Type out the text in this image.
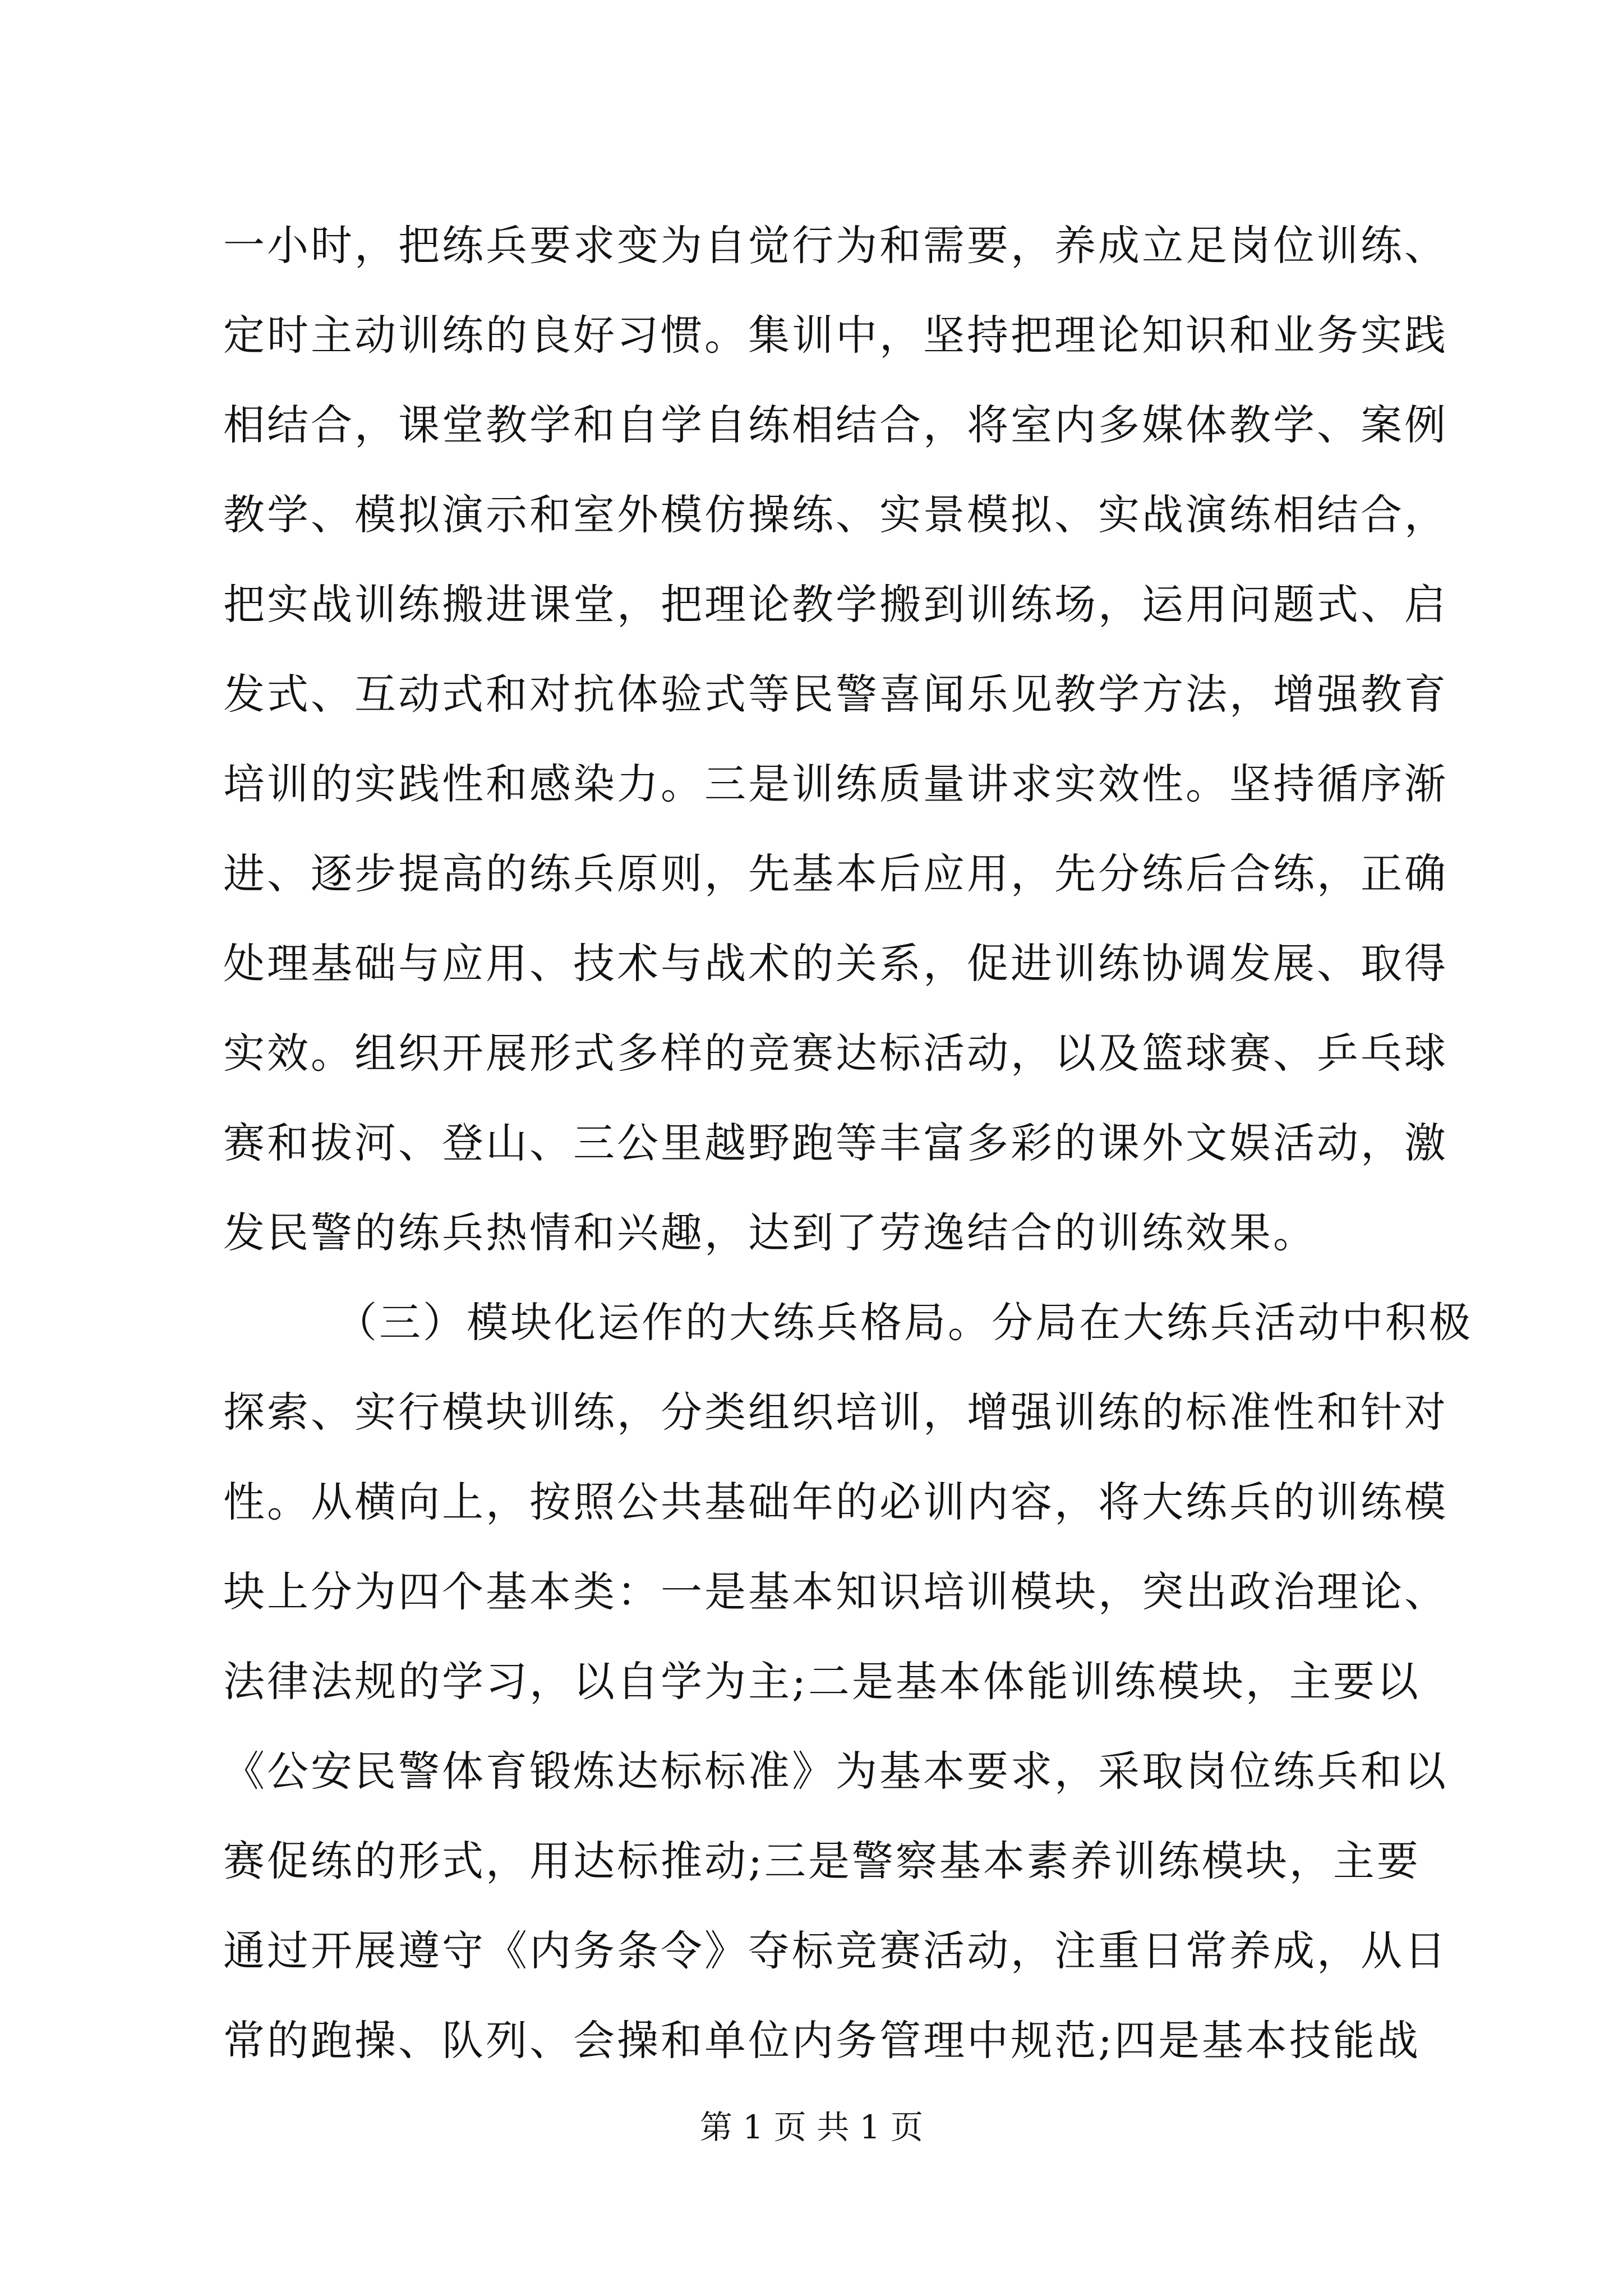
一小时，把练兵要求变为自觉行为和需要，养成立足岗位训练、
定时主动训练的良好习惯。集训中，坚持把理论知识和业务实践
相结合，课堂教学和自学自练相结合，将室内多媒体教学、案例
教学、模拟演示和室外模仿操练、实景模拟、实战演练相结合，
把实战训练搬进课堂，把理论教学搬到训练场，运用问题式、启
发式、互动式和对抗体验式等民警喜闻乐见教学方法，增强教育
培训的实践性和感染力。三是训练质量讲求实效性。坚持循序渐
进、逐步提高的练兵原则，先基本后应用，先分练后合练，正确
处理基础与应用、技术与战术的关系，促进训练协调发展、取得
实效。组织开展形式多样的竞赛达标活动，以及篮球赛、乒乓球
赛和拔河、登山、三公里越野跑等丰富多彩的课外文娱活动，激
发民警的练兵热情和兴趣，达到了劳逸结合的训练效果。
（三）模块化运作的大练兵格局。分局在大练兵活动中积极
探索、实行模块训练，分类组织培训，增强训练的标准性和针对
性。从横向上，按照公共基础年的必训内容，将大练兵的训练模
块上分为四个基本类：一是基本知识培训模块，突出政治理论、
法律法规的学习，以自学为主;二是基本体能训练模块，主要以
《公安民警体育锻炼达标标准》为基本要求，采取岗位练兵和以
赛促练的形式，用达标推动;三是警察基本素养训练模块，主要
通过开展遵守《内务条令》夺标竞赛活动，注重日常养成，从日
常的跑操、队列、会操和单位内务管理中规范;四是基本技能战
第 1 页 共 1 页
